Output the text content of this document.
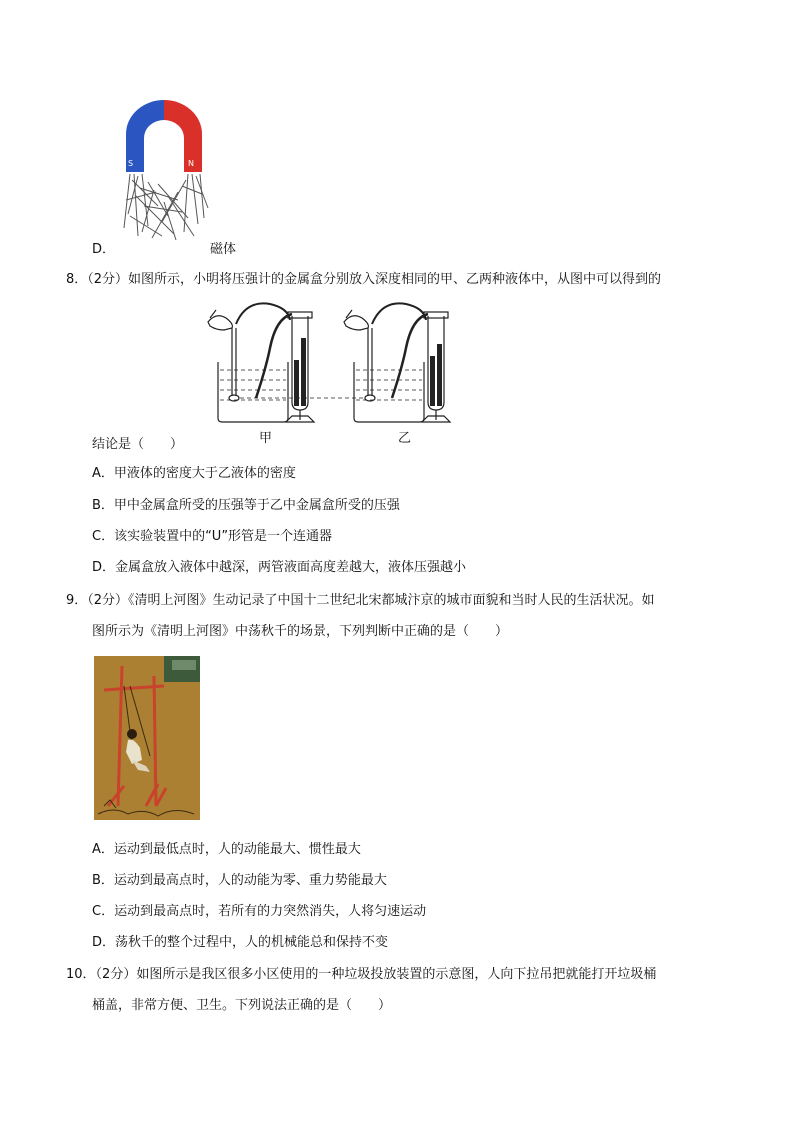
S	N
D．	磁体
8．（2分）如图所示，小明将压强计的金属盒分别放入深度相同的甲、乙两种液体中，从图中可以得到的
甲	乙
结论是（　　）
A．甲液体的密度大于乙液体的密度
B．甲中金属盒所受的压强等于乙中金属盒所受的压强
C．该实验装置中的“U”形管是一个连通器
D．金属盒放入液体中越深，两管液面高度差越大，液体压强越小
9．（2分）《清明上河图》生动记录了中国十二世纪北宋都城汴京的城市面貌和当时人民的生活状况。如
图所示为《清明上河图》中荡秋千的场景，下列判断中正确的是（　　）
A．运动到最低点时，人的动能最大、惯性最大
B．运动到最高点时，人的动能为零、重力势能最大
C．运动到最高点时，若所有的力突然消失，人将匀速运动
D．荡秋千的整个过程中，人的机械能总和保持不变
10．（2分）如图所示是我区很多小区使用的一种垃圾投放装置的示意图，人向下拉吊把就能打开垃圾桶
桶盖，非常方便、卫生。下列说法正确的是（　　）
